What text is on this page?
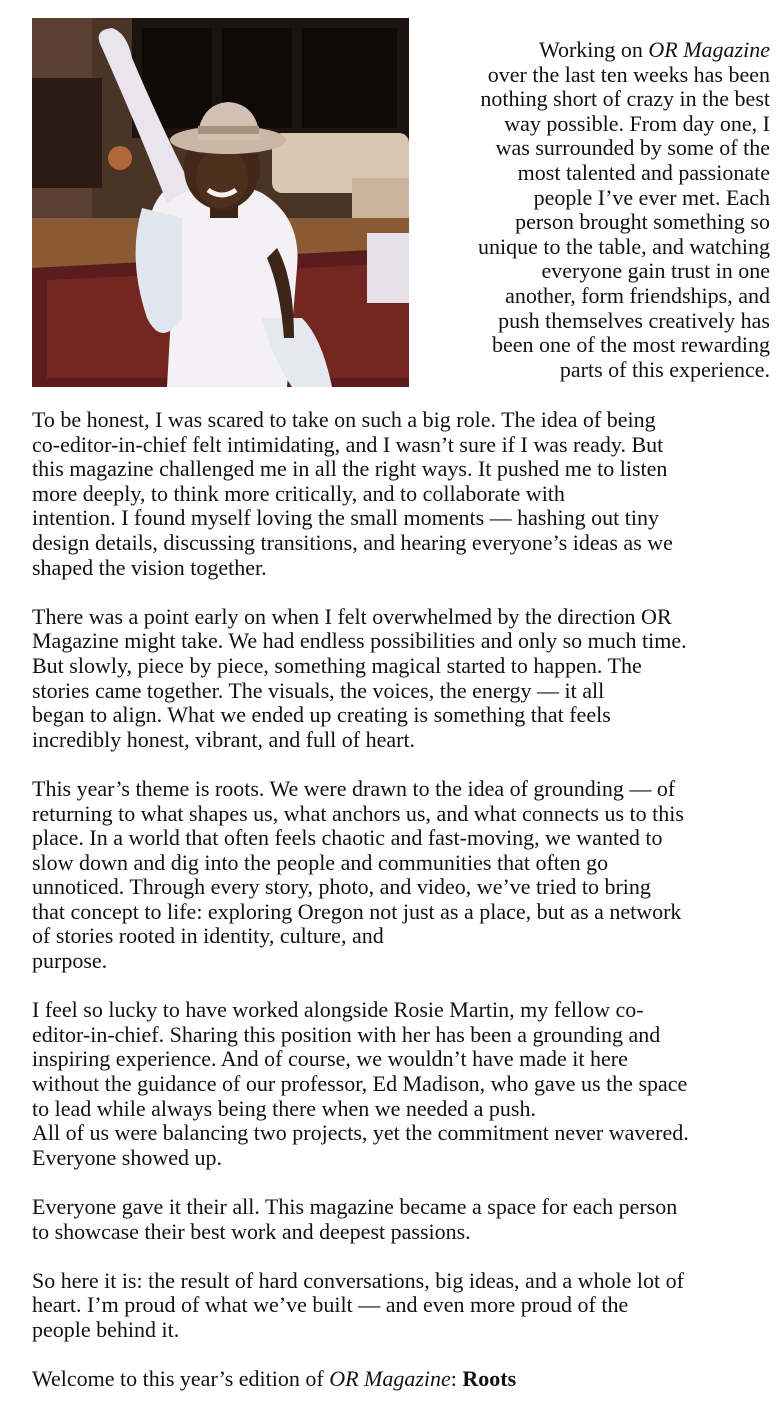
Working on OR Magazine
over the last ten weeks has been
nothing short of crazy in the best
way possible. From day one, I
was surrounded by some of the
most talented and passionate
people I’ve ever met. Each
person brought something so
unique to the table, and watching
everyone gain trust in one
another, form friendships, and
push themselves creatively has
been one of the most rewarding
parts of this experience.

To be honest, I was scared to take on such a big role. The idea of being
co-editor-in-chief felt intimidating, and I wasn’t sure if I was ready. But
this magazine challenged me in all the right ways. It pushed me to listen
more deeply, to think more critically, and to collaborate with
intention. I found myself loving the small moments — hashing out tiny
design details, discussing transitions, and hearing everyone’s ideas as we
shaped the vision together.

There was a point early on when I felt overwhelmed by the direction OR
Magazine might take. We had endless possibilities and only so much time.
But slowly, piece by piece, something magical started to happen. The
stories came together. The visuals, the voices, the energy — it all
began to align. What we ended up creating is something that feels
incredibly honest, vibrant, and full of heart.

This year’s theme is roots. We were drawn to the idea of grounding — of
returning to what shapes us, what anchors us, and what connects us to this
place. In a world that often feels chaotic and fast-moving, we wanted to
slow down and dig into the people and communities that often go
unnoticed. Through every story, photo, and video, we’ve tried to bring
that concept to life: exploring Oregon not just as a place, but as a network
of stories rooted in identity, culture, and
purpose.

I feel so lucky to have worked alongside Rosie Martin, my fellow co-
editor-in-chief. Sharing this position with her has been a grounding and
inspiring experience. And of course, we wouldn’t have made it here
without the guidance of our professor, Ed Madison, who gave us the space
to lead while always being there when we needed a push.
All of us were balancing two projects, yet the commitment never wavered.
Everyone showed up.

Everyone gave it their all. This magazine became a space for each person
to showcase their best work and deepest passions.

So here it is: the result of hard conversations, big ideas, and a whole lot of
heart. I’m proud of what we’ve built — and even more proud of the
people behind it.

Welcome to this year’s edition of OR Magazine: Roots
